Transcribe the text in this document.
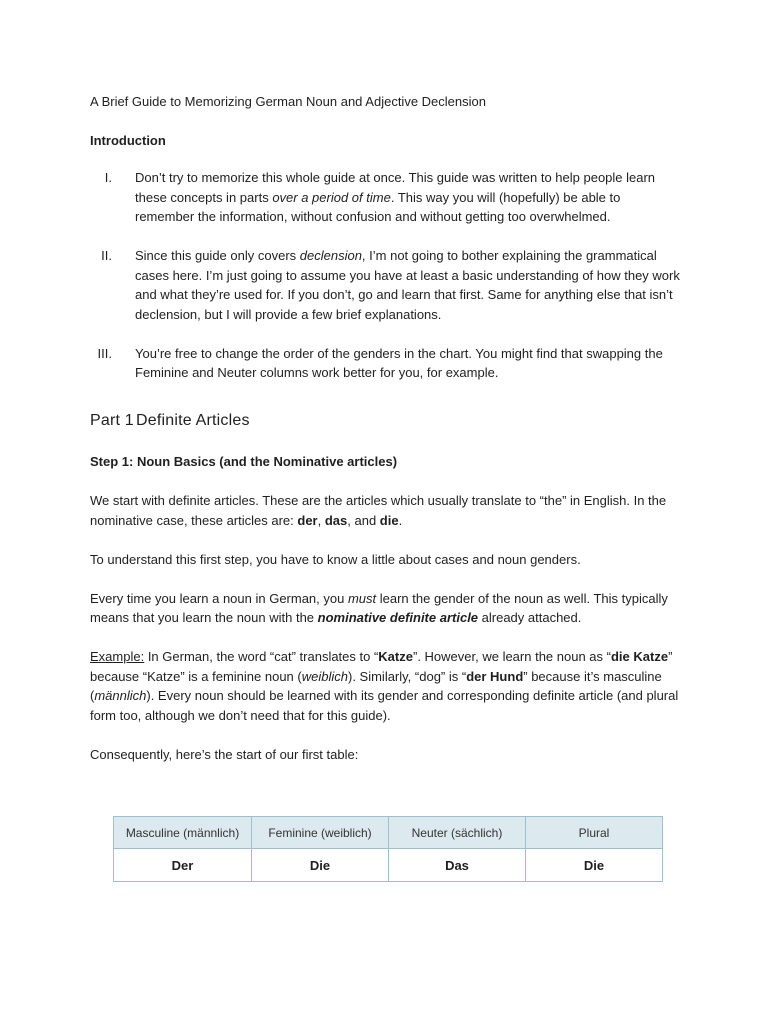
A Brief Guide to Memorizing German Noun and Adjective Declension
Introduction
I. Don’t try to memorize this whole guide at once. This guide was written to help people learn these concepts in parts over a period of time. This way you will (hopefully) be able to remember the information, without confusion and without getting too overwhelmed.
II. Since this guide only covers declension, I’m not going to bother explaining the grammatical cases here. I’m just going to assume you have at least a basic understanding of how they work and what they’re used for. If you don’t, go and learn that first. Same for anything else that isn’t declension, but I will provide a few brief explanations.
III. You’re free to change the order of the genders in the chart. You might find that swapping the Feminine and Neuter columns work better for you, for example.
Part 1 Definite Articles
Step 1: Noun Basics (and the Nominative articles)

We start with definite articles. These are the articles which usually translate to “the” in English. In the nominative case, these articles are: der, das, and die.

To understand this first step, you have to know a little about cases and noun genders.

Every time you learn a noun in German, you must learn the gender of the noun as well. This typically means that you learn the noun with the nominative definite article already attached.

Example: In German, the word “cat” translates to “Katze”. However, we learn the noun as “die Katze” because “Katze” is a feminine noun (weiblich). Similarly, “dog” is “der Hund” because it’s masculine (männlich). Every noun should be learned with its gender and corresponding definite article (and plural form too, although we don’t need that for this guide).

Consequently, here’s the start of our first table:

Masculine (männlich)	Feminine (weiblich)	Neuter (sächlich)	Plural
Der	Die	Das	Die
